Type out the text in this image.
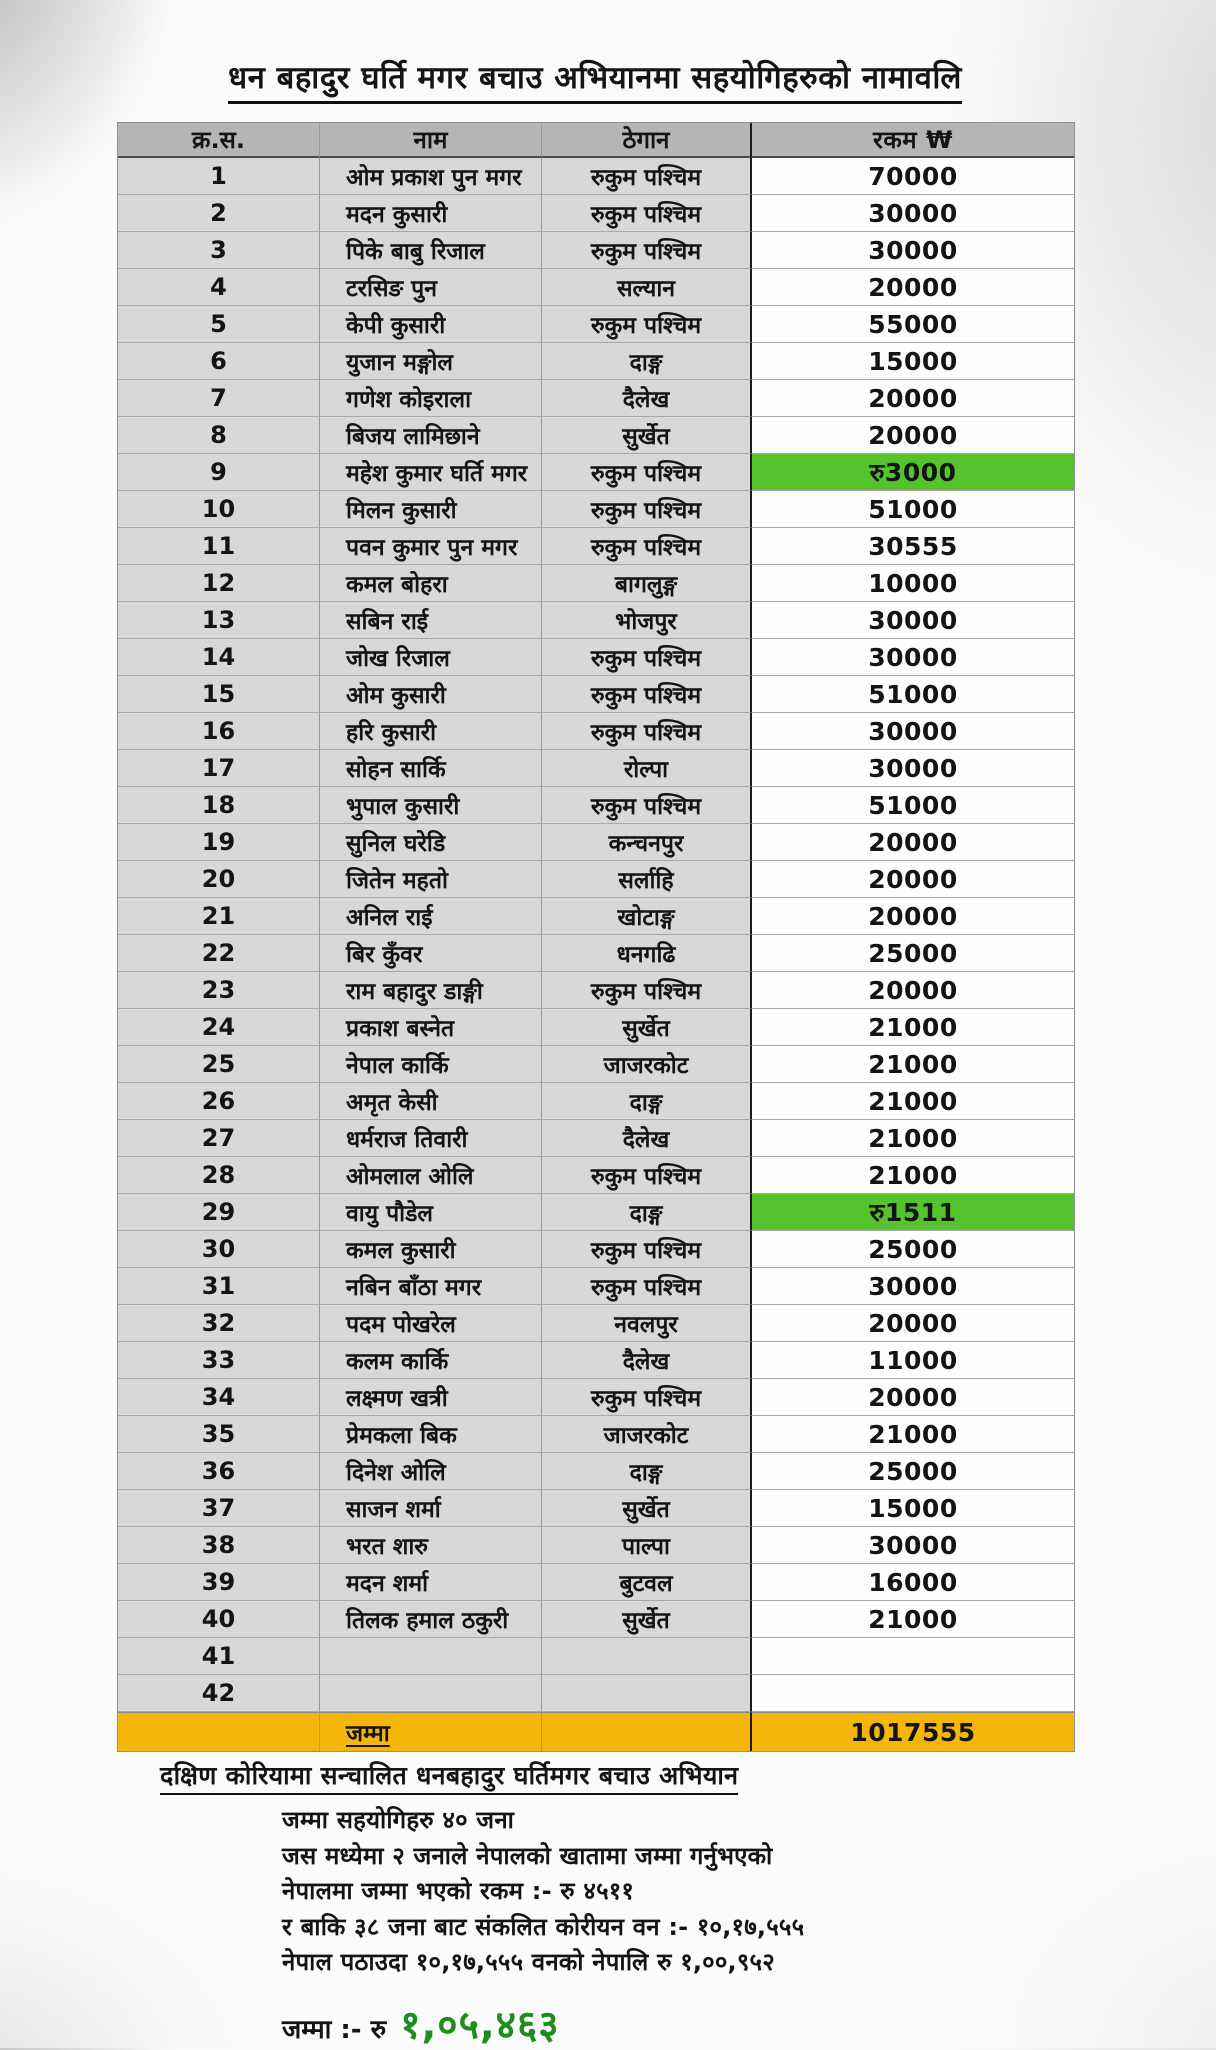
धन बहादुर घर्ति मगर बचाउ अभियानमा सहयोगिहरुको नामावलि
क्र.स.	नाम	ठेगान	रकम ₩
1	ओम प्रकाश पुन मगर	रुकुम पश्चिम	70000
2	मदन कुसारी	रुकुम पश्चिम	30000
3	पिके बाबु रिजाल	रुकुम पश्चिम	30000
4	टरसिङ पुन	सल्यान	20000
5	केपी कुसारी	रुकुम पश्चिम	55000
6	युजान मङ्गोल	दाङ्ग	15000
7	गणेश कोइराला	दैलेख	20000
8	बिजय लामिछाने	सुर्खेत	20000
9	महेश कुमार घर्ति मगर	रुकुम पश्चिम	रु3000
10	मिलन कुसारी	रुकुम पश्चिम	51000
11	पवन कुमार पुन मगर	रुकुम पश्चिम	30555
12	कमल बोहरा	बागलुङ्ग	10000
13	सबिन राई	भोजपुर	30000
14	जोख रिजाल	रुकुम पश्चिम	30000
15	ओम कुसारी	रुकुम पश्चिम	51000
16	हरि कुसारी	रुकुम पश्चिम	30000
17	सोहन सार्कि	रोल्पा	30000
18	भुपाल कुसारी	रुकुम पश्चिम	51000
19	सुनिल घरेडि	कन्चनपुर	20000
20	जितेन महतो	सर्लाहि	20000
21	अनिल राई	खोटाङ्ग	20000
22	बिर कुँवर	धनगढि	25000
23	राम बहादुर डाङ्गी	रुकुम पश्चिम	20000
24	प्रकाश बस्नेत	सुर्खेत	21000
25	नेपाल कार्कि	जाजरकोट	21000
26	अमृत केसी	दाङ्ग	21000
27	धर्मराज तिवारी	दैलेख	21000
28	ओमलाल ओलि	रुकुम पश्चिम	21000
29	वायु पौडेल	दाङ्ग	रु1511
30	कमल कुसारी	रुकुम पश्चिम	25000
31	नबिन बाँठा मगर	रुकुम पश्चिम	30000
32	पदम पोखरेल	नवलपुर	20000
33	कलम कार्कि	दैलेख	11000
34	लक्ष्मण खत्री	रुकुम पश्चिम	20000
35	प्रेमकला बिक	जाजरकोट	21000
36	दिनेश ओलि	दाङ्ग	25000
37	साजन शर्मा	सुर्खेत	15000
38	भरत शारु	पाल्पा	30000
39	मदन शर्मा	बुटवल	16000
40	तिलक हमाल ठकुरी	सुर्खेत	21000
41
42
जम्मा	1017555
दक्षिण कोरियामा सन्चालित धनबहादुर घर्तिमगर बचाउ अभियान
जम्मा सहयोगिहरु ४० जना
जस मध्येमा २ जनाले नेपालको खातामा जम्मा गर्नुभएको
नेपालमा जम्मा भएको रकम :- रु ४५११
र बाकि ३८ जना बाट संकलित कोरीयन वन :- १०,१७,५५५
नेपाल पठाउदा १०,१७,५५५ वनको नेपालि रु १,००,९५२
जम्मा :- रु १,०५,४६३
